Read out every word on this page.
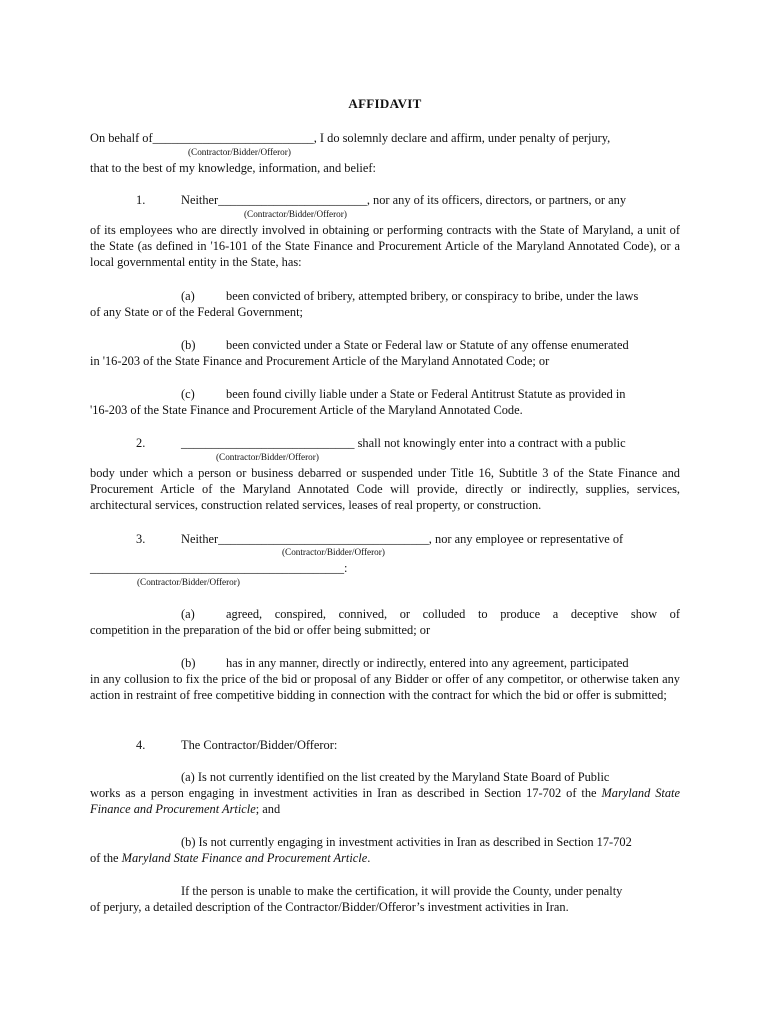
AFFIDAVIT
On behalf of__________________________, I do solemnly declare and affirm, under penalty of perjury,
(Contractor/Bidder/Offeror)
that to the best of my knowledge, information, and belief:
1.	Neither________________________, nor any of its officers, directors, or partners, or any
(Contractor/Bidder/Offeror)
of its employees who are directly involved in obtaining or performing contracts with the State of Maryland, a unit of the State (as defined in '16-101 of the State Finance and Procurement Article of the Maryland Annotated Code), or a local governmental entity in the State, has:
(a)	been convicted of bribery, attempted bribery, or conspiracy to bribe, under the laws
of any State or of the Federal Government;
(b) been convicted under a State or Federal law or Statute of any offense enumerated
in '16-203 of the State Finance and Procurement Article of the Maryland Annotated Code; or
(c)	been found civilly liable under a State or Federal Antitrust Statute as provided in
'16-203 of the State Finance and Procurement Article of the Maryland Annotated Code.
2.	____________________________ shall not knowingly enter into a contract with a public
(Contractor/Bidder/Offeror)
body under which a person or business debarred or suspended under Title 16, Subtitle 3 of the State Finance and Procurement Article of the Maryland Annotated Code will provide, directly or indirectly, supplies, services, architectural services, construction related services, leases of real property, or construction.
3.	Neither__________________________________, nor any employee or representative of
(Contractor/Bidder/Offeror)
_________________________________________:
(Contractor/Bidder/Offeror)
(a)	agreed, conspired, connived, or colluded to produce a deceptive show of
competition in the preparation of the bid or offer being submitted; or
(b) has in any manner, directly or indirectly, entered into any agreement, participated
in any collusion to fix the price of the bid or proposal of any Bidder or offer of any competitor, or otherwise taken any action in restraint of free competitive bidding in connection with the contract for which the bid or offer is submitted;
4.	The Contractor/Bidder/Offeror:
(a) Is not currently identified on the list created by the Maryland State Board of Public
works as a person engaging in investment activities in Iran as described in Section 17-702 of the Maryland State Finance and Procurement Article; and
(b) Is not currently engaging in investment activities in Iran as described in Section 17-702
of the Maryland State Finance and Procurement Article.
If the person is unable to make the certification, it will provide the County, under penalty
of perjury, a detailed description of the Contractor/Bidder/Offeror’s investment activities in Iran.
